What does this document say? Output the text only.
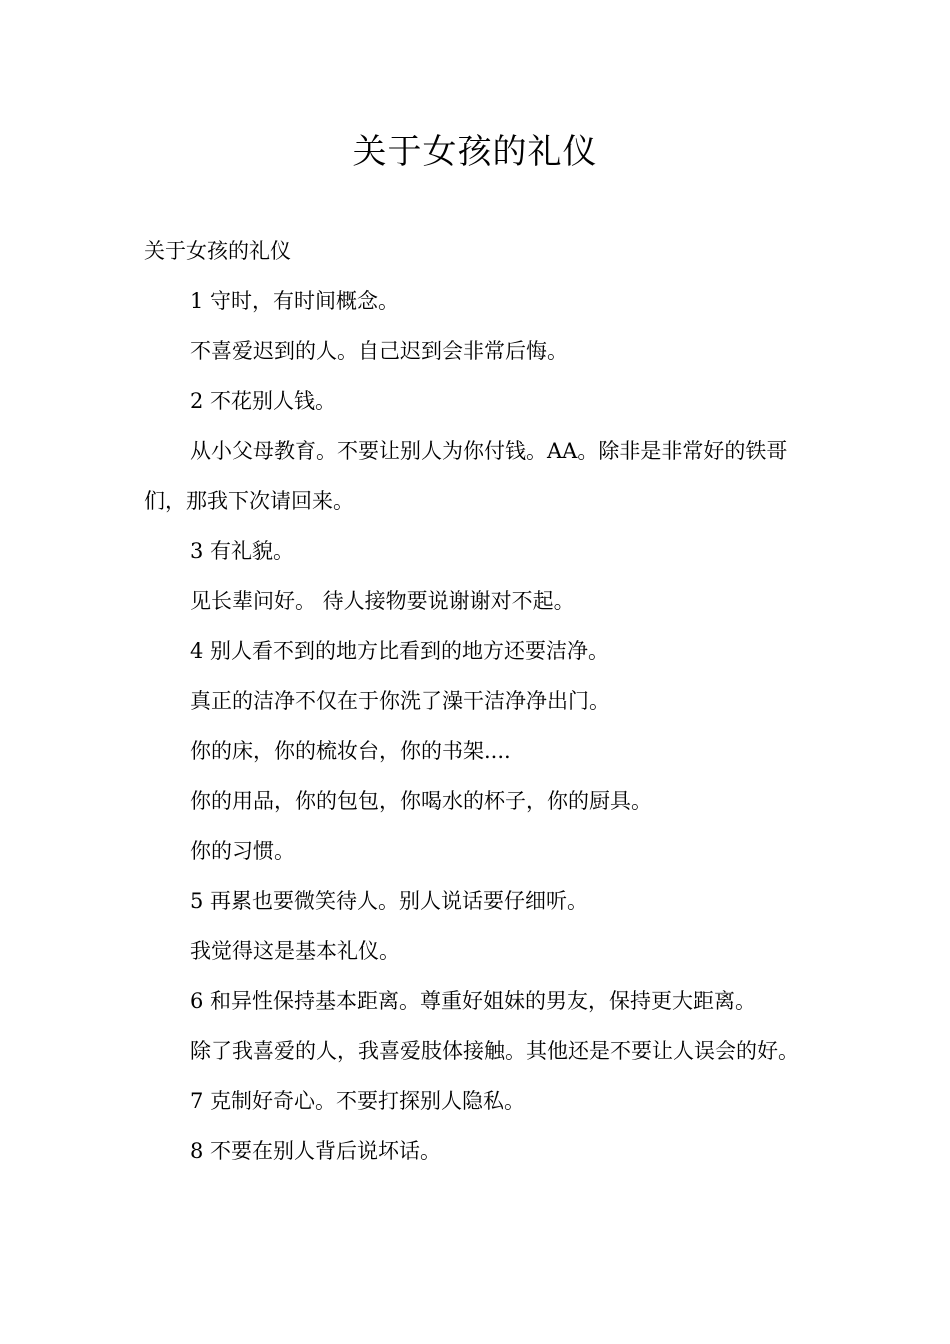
关于女孩的礼仪

关于女孩的礼仪

1 守时，有时间概念。

不喜爱迟到的人。自己迟到会非常后悔。

2 不花别人钱。

从小父母教育。不要让别人为你付钱。AA。除非是非常好的铁哥们，那我下次请回来。

3 有礼貌。

见长辈问好。 待人接物要说谢谢对不起。

4 别人看不到的地方比看到的地方还要洁净。

真正的洁净不仅在于你洗了澡干洁净净出门。

你的床，你的梳妆台，你的书架....

你的用品，你的包包，你喝水的杯子，你的厨具。

你的习惯。

5 再累也要微笑待人。别人说话要仔细听。

我觉得这是基本礼仪。

6 和异性保持基本距离。尊重好姐妹的男友，保持更大距离。

除了我喜爱的人，我喜爱肢体接触。其他还是不要让人误会的好。

7 克制好奇心。不要打探别人隐私。

8 不要在别人背后说坏话。
